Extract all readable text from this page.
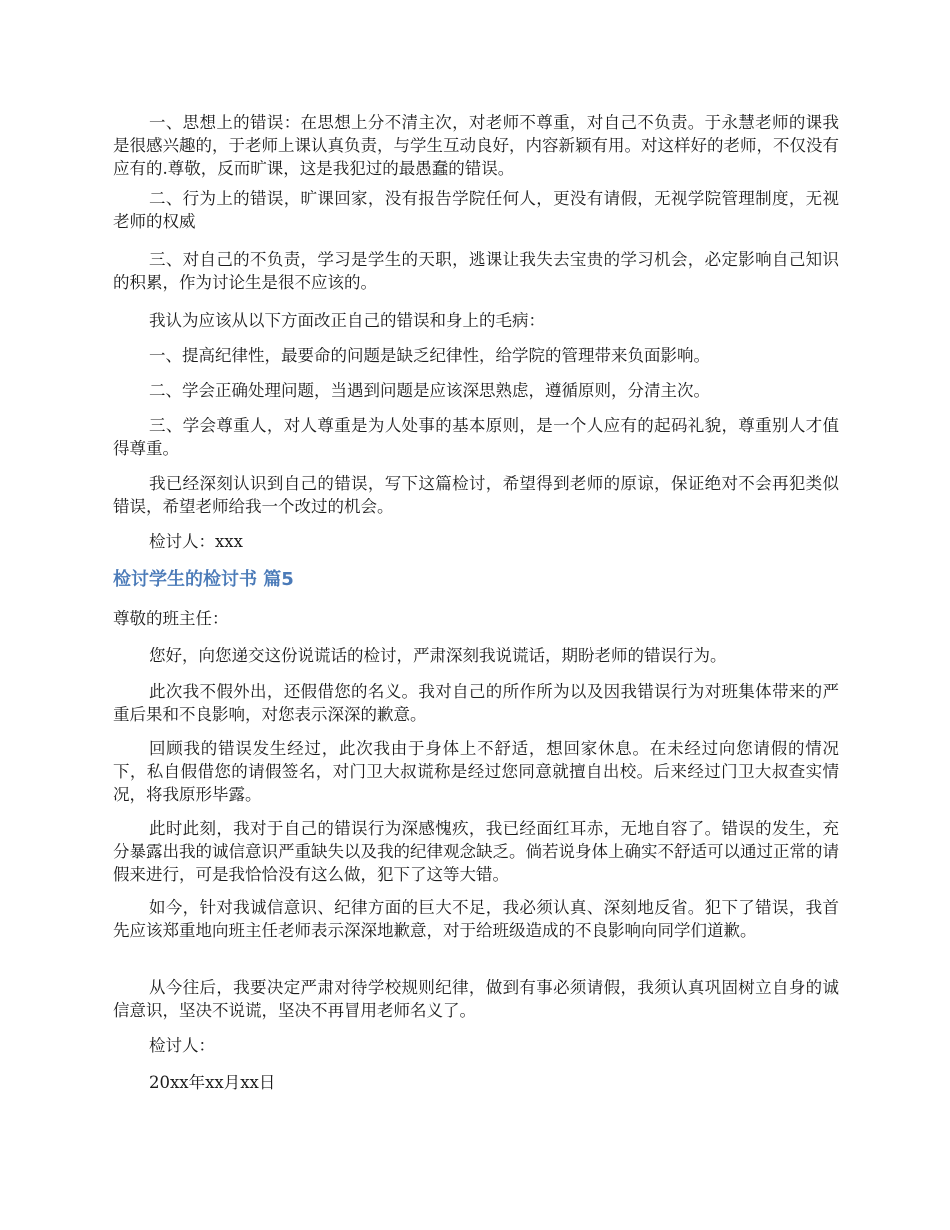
一、思想上的错误：在思想上分不清主次，对老师不尊重，对自己不负责。于永慧老师的课我是很感兴趣的，于老师上课认真负责，与学生互动良好，内容新颖有用。对这样好的老师，不仅没有应有的.尊敬，反而旷课，这是我犯过的最愚蠢的错误。

二、行为上的错误，旷课回家，没有报告学院任何人，更没有请假，无视学院管理制度，无视老师的权威

三、对自己的不负责，学习是学生的天职，逃课让我失去宝贵的学习机会，必定影响自己知识的积累，作为讨论生是很不应该的。

我认为应该从以下方面改正自己的错误和身上的毛病：

一、提高纪律性，最要命的问题是缺乏纪律性，给学院的管理带来负面影响。

二、学会正确处理问题，当遇到问题是应该深思熟虑，遵循原则，分清主次。

三、学会尊重人，对人尊重是为人处事的基本原则，是一个人应有的起码礼貌，尊重别人才值得尊重。

我已经深刻认识到自己的错误，写下这篇检讨，希望得到老师的原谅，保证绝对不会再犯类似错误，希望老师给我一个改过的机会。

检讨人：xxx

检讨学生的检讨书 篇5

尊敬的班主任：

您好，向您递交这份说谎话的检讨，严肃深刻我说谎话，期盼老师的错误行为。

此次我不假外出，还假借您的名义。我对自己的所作所为以及因我错误行为对班集体带来的严重后果和不良影响，对您表示深深的歉意。

回顾我的错误发生经过，此次我由于身体上不舒适，想回家休息。在未经过向您请假的情况下，私自假借您的请假签名，对门卫大叔谎称是经过您同意就擅自出校。后来经过门卫大叔查实情况，将我原形毕露。

此时此刻，我对于自己的错误行为深感愧疚，我已经面红耳赤，无地自容了。错误的发生，充分暴露出我的诚信意识严重缺失以及我的纪律观念缺乏。倘若说身体上确实不舒适可以通过正常的请假来进行，可是我恰恰没有这么做，犯下了这等大错。

如今，针对我诚信意识、纪律方面的巨大不足，我必须认真、深刻地反省。犯下了错误，我首先应该郑重地向班主任老师表示深深地歉意，对于给班级造成的不良影响向同学们道歉。

从今往后，我要决定严肃对待学校规则纪律，做到有事必须请假，我须认真巩固树立自身的诚信意识，坚决不说谎，坚决不再冒用老师名义了。

检讨人：

20xx年xx月xx日
